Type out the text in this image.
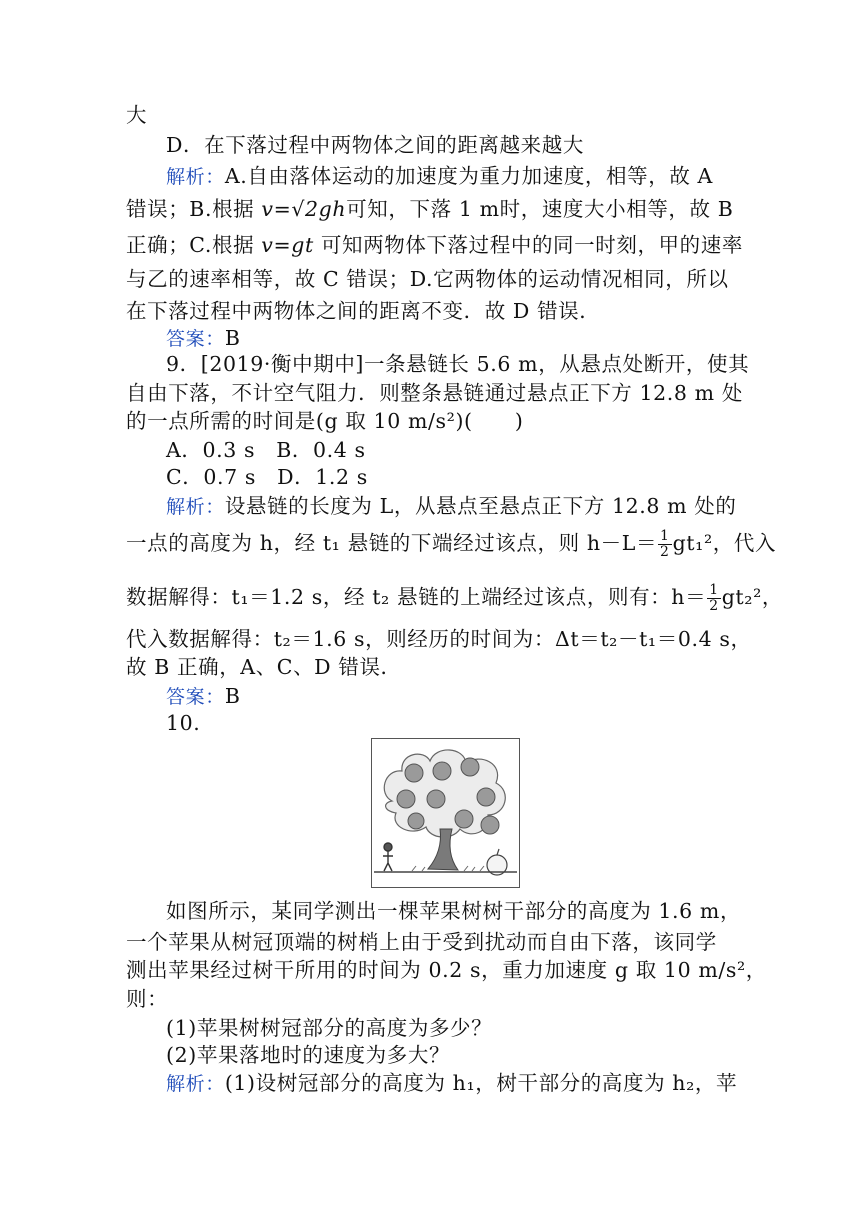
大
D．在下落过程中两物体之间的距离越来越大
解析：A.自由落体运动的加速度为重力加速度，相等，故 A
错误；B.根据 v=√2gh可知，下落 1 m时，速度大小相等，故 B
正确；C.根据 v=gt 可知两物体下落过程中的同一时刻，甲的速率
与乙的速率相等，故 C 错误；D.它两物体的运动情况相同，所以
在下落过程中两物体之间的距离不变．故 D 错误．
答案：B
9．[2019·衡中期中]一条悬链长 5.6 m，从悬点处断开，使其
自由下落，不计空气阻力．则整条悬链通过悬点正下方 12.8 m 处
的一点所需的时间是(g 取 10 m/s²)(　　)
A．0.3 s　B．0.4 s
C．0.7 s　D．1.2 s
解析：设悬链的长度为 L，从悬点至悬点正下方 12.8 m 处的
一点的高度为 h，经 t₁ 悬链的下端经过该点，则 $h-L= \frac{1}{2} gt_1^2$，代入
数据解得：t₁＝1.2 s，经 t₂ 悬链的上端经过该点，则有：$h= \frac{1}{2} gt_2^2$，
代入数据解得：t₂＝1.6 s，则经历的时间为：Δt＝t₂－t₁＝0.4 s，
故 B 正确，A、C、D 错误．
答案：B
10.
如图所示，某同学测出一棵苹果树树干部分的高度为 1.6 m，
一个苹果从树冠顶端的树梢上由于受到扰动而自由下落，该同学
测出苹果经过树干所用的时间为 0.2 s，重力加速度 g 取 10 m/s²，
则：
(1)苹果树树冠部分的高度为多少？
(2)苹果落地时的速度为多大？
解析：(1)设树冠部分的高度为 h₁，树干部分的高度为 h₂，苹
